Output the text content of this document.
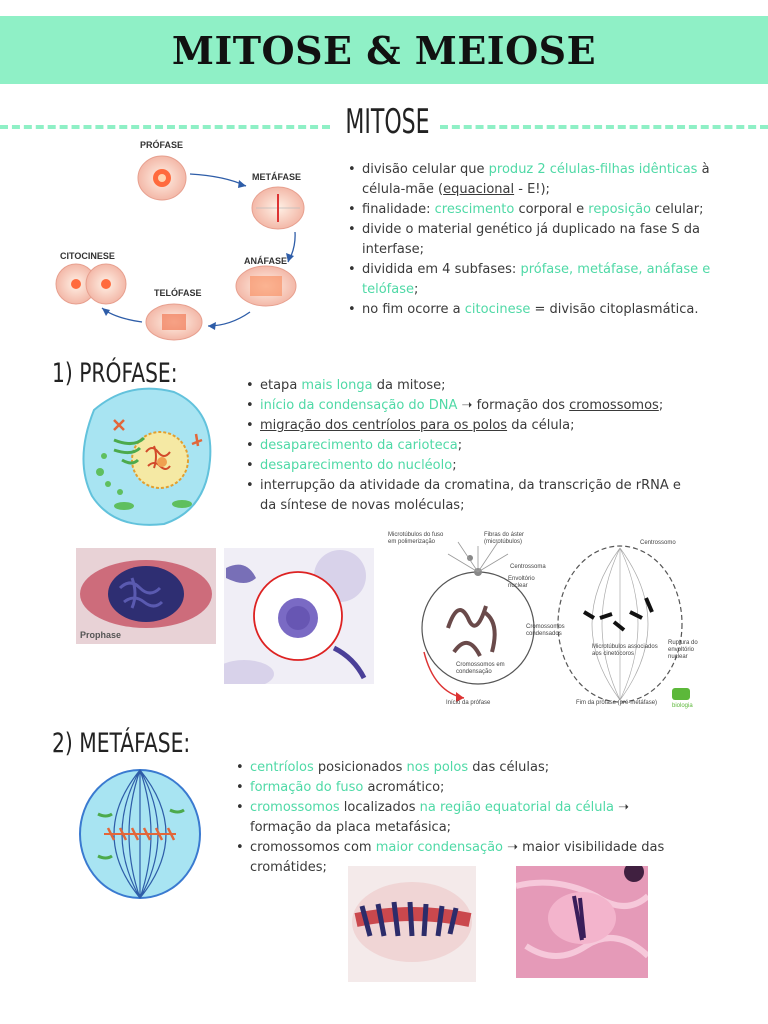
MITOSE & MEIOSE
MITOSE
PRÓFASE
METÁFASE
ANÁFASE
TELÓFASE
CITOCINESE
• divisão celular que produz 2 células-filhas idênticas à célula-mãe (equacional - E!);
• finalidade: crescimento corporal e reposição celular;
• divide o material genético já duplicado na fase S da interfase;
• dividida em 4 subfases: prófase, metáfase, anáfase e telófase;
• no fim ocorre a citocinese = divisão citoplasmática.
1) PRÓFASE:
•	etapa mais longa da mitose;
• início da condensação do DNA ➝ formação dos cromossomos;
• migração dos centríolos para os polos da célula;
• desaparecimento da carioteca;
• desaparecimento do nucléolo;
• interrupção da atividade da cromatina, da transcrição de rRNA e da síntese de novas moléculas;
Prophase
Microtúbulos do fuso em polimerização
Fibras do áster (microtúbulos)
Centrossoma
Envoltório nuclear
Cromossomos condensados
Cromossomos em condensação
Início da prófase
Centrossomo
Microtúbulos associados aos cinetócoros
Ruptura do envoltório nuclear
Fim da prófase (pré-metáfase)	biologia
2) METÁFASE:
• centríolos posicionados nos polos das células;
• formação do fuso acromático;
• cromossomos localizados na região equatorial da célula ➝ formação da placa metafásica;
• cromossomos com maior condensação ➝ maior visibilidade das cromátides;
